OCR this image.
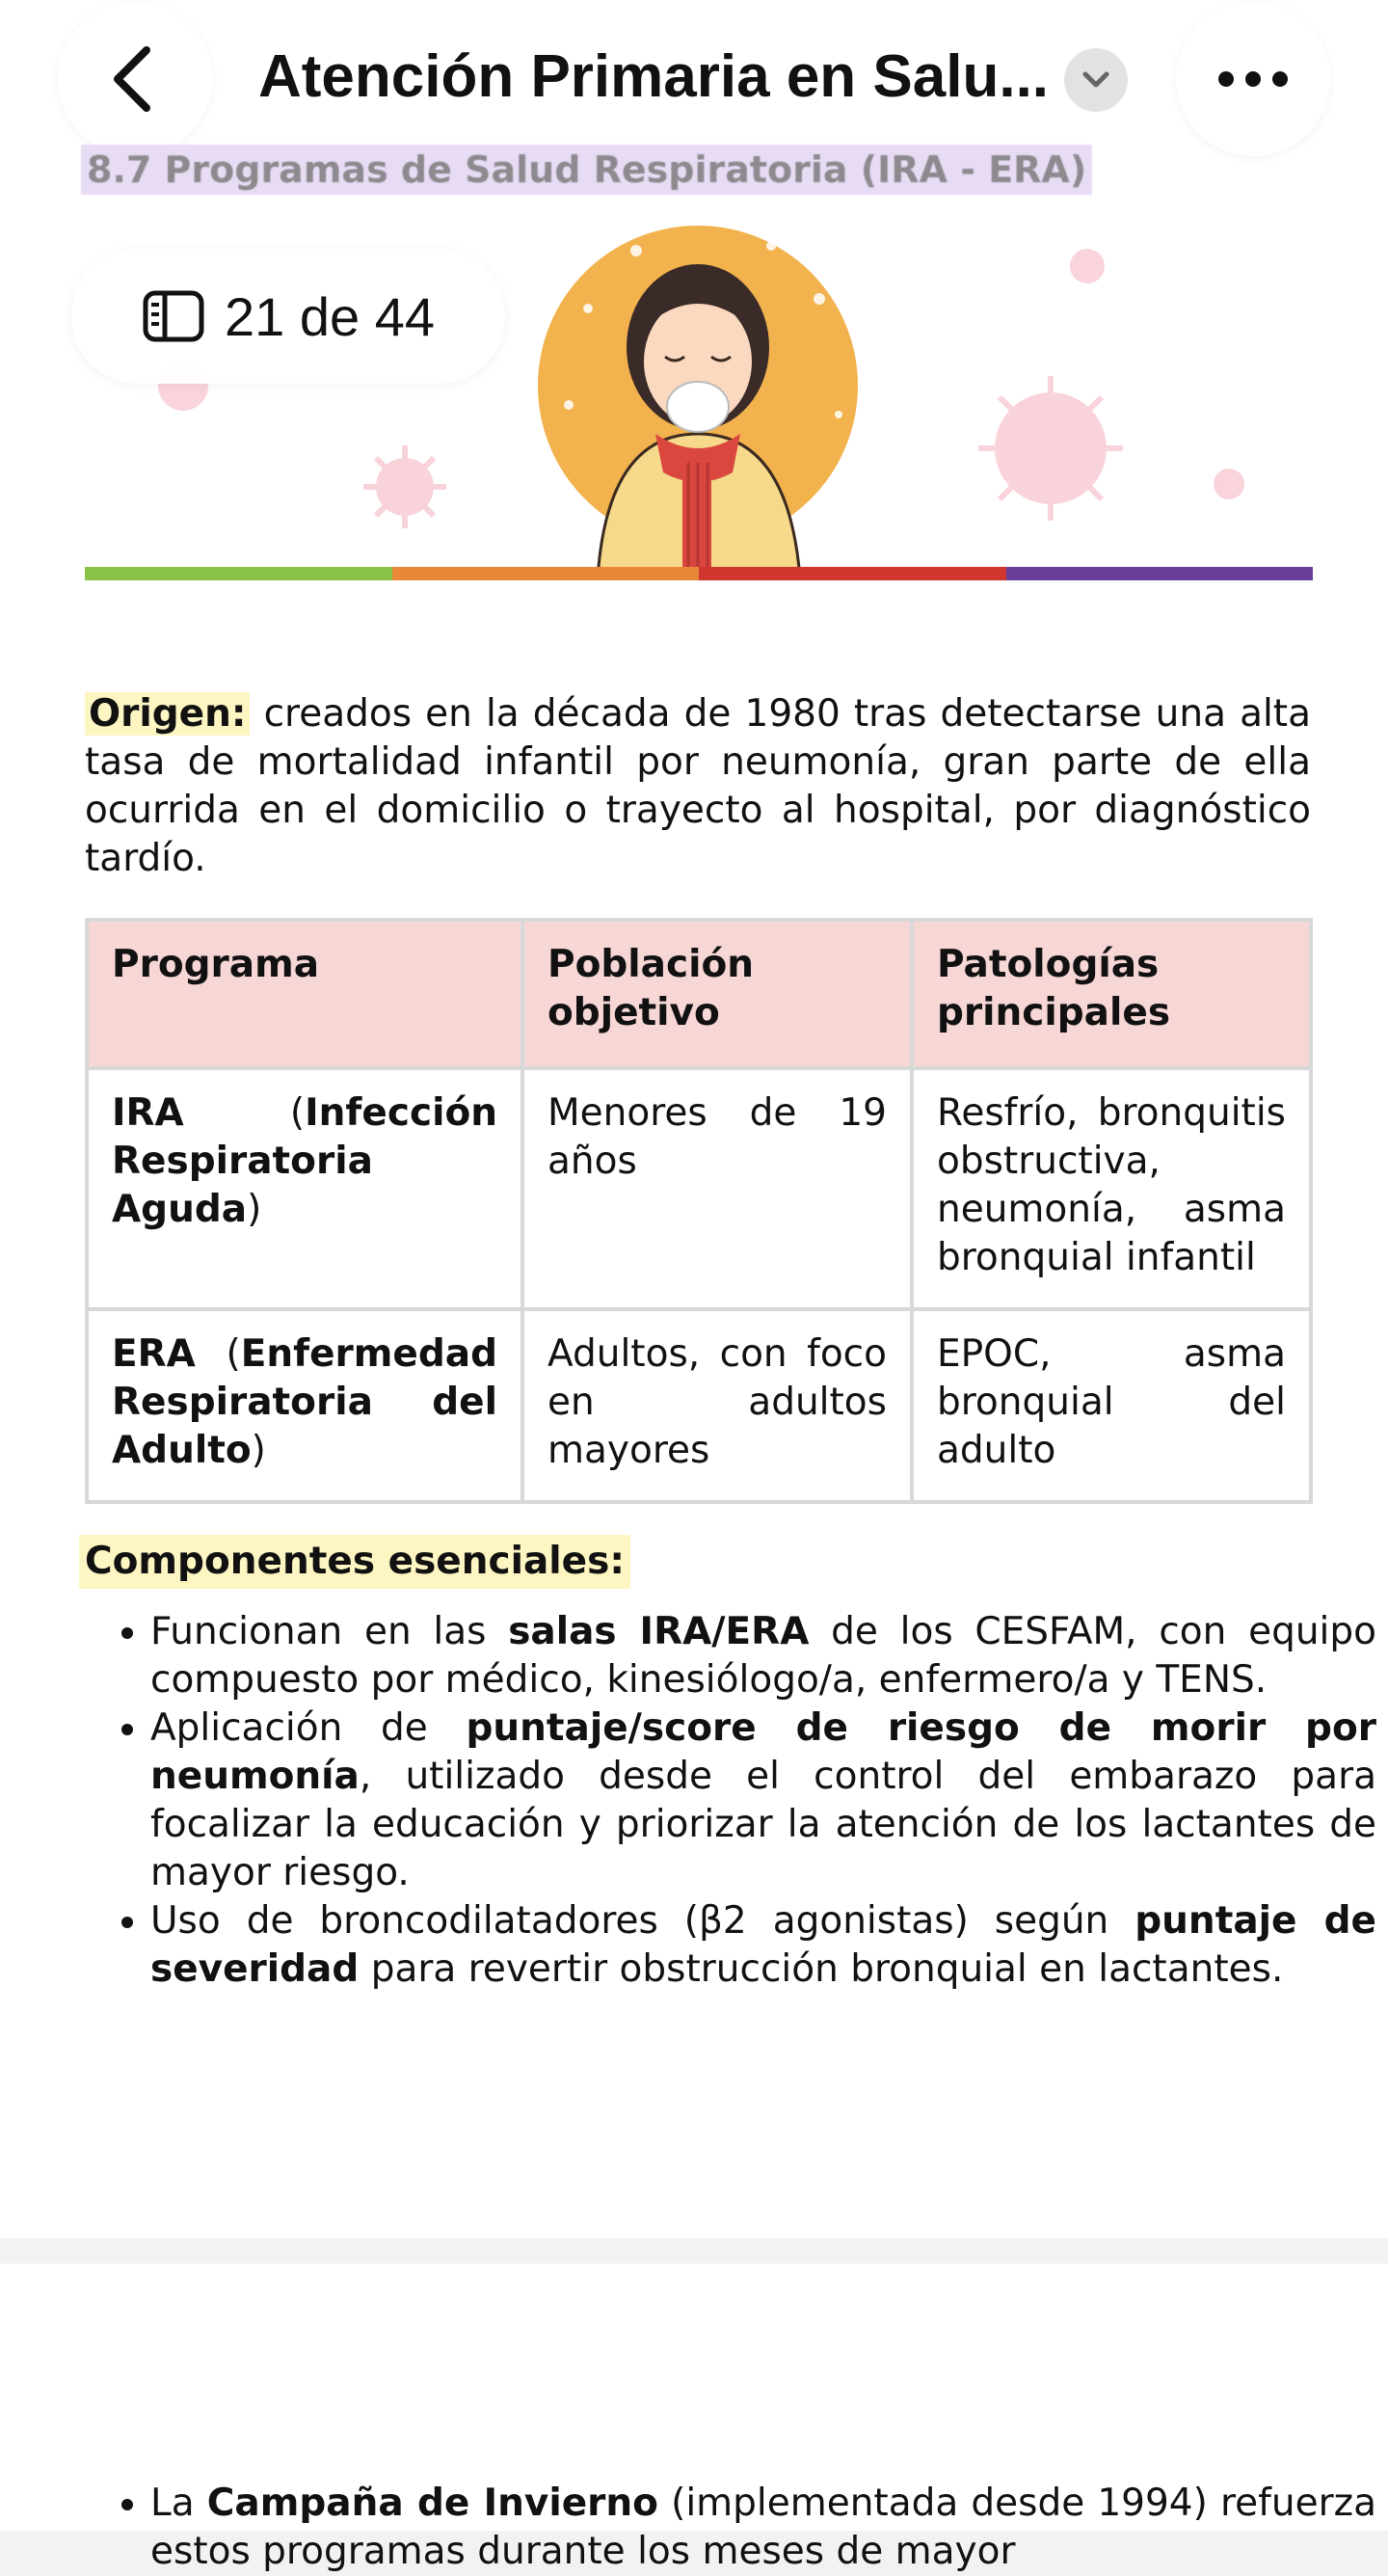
Atención Primaria en Salu...
8.7 Programas de Salud Respiratoria (IRA - ERA)
21 de 44

Origen: creados en la década de 1980 tras detectarse una alta tasa de mortalidad infantil por neumonía, gran parte de ella ocurrida en el domicilio o trayecto al hospital, por diagnóstico tardío.

Programa	Población objetivo	Patologías principales
IRA (Infección Respiratoria Aguda)	Menores de 19 años	Resfrío, bronquitis obstructiva, neumonía, asma bronquial infantil
ERA (Enfermedad Respiratoria del Adulto)	Adultos, con foco en adultos mayores	EPOC, asma bronquial del adulto
Componentes esenciales:
• Funcionan en las salas IRA/ERA de los CESFAM, con equipo compuesto por médico, kinesiólogo/a, enfermero/a y TENS.
• Aplicación de puntaje/score de riesgo de morir por neumonía, utilizado desde el control del embarazo para focalizar la educación y priorizar la atención de los lactantes de mayor riesgo.
• Uso de broncodilatadores (β2 agonistas) según puntaje de severidad para revertir obstrucción bronquial en lactantes.
• La Campaña de Invierno (implementada desde 1994) refuerza estos programas durante los meses de mayor
